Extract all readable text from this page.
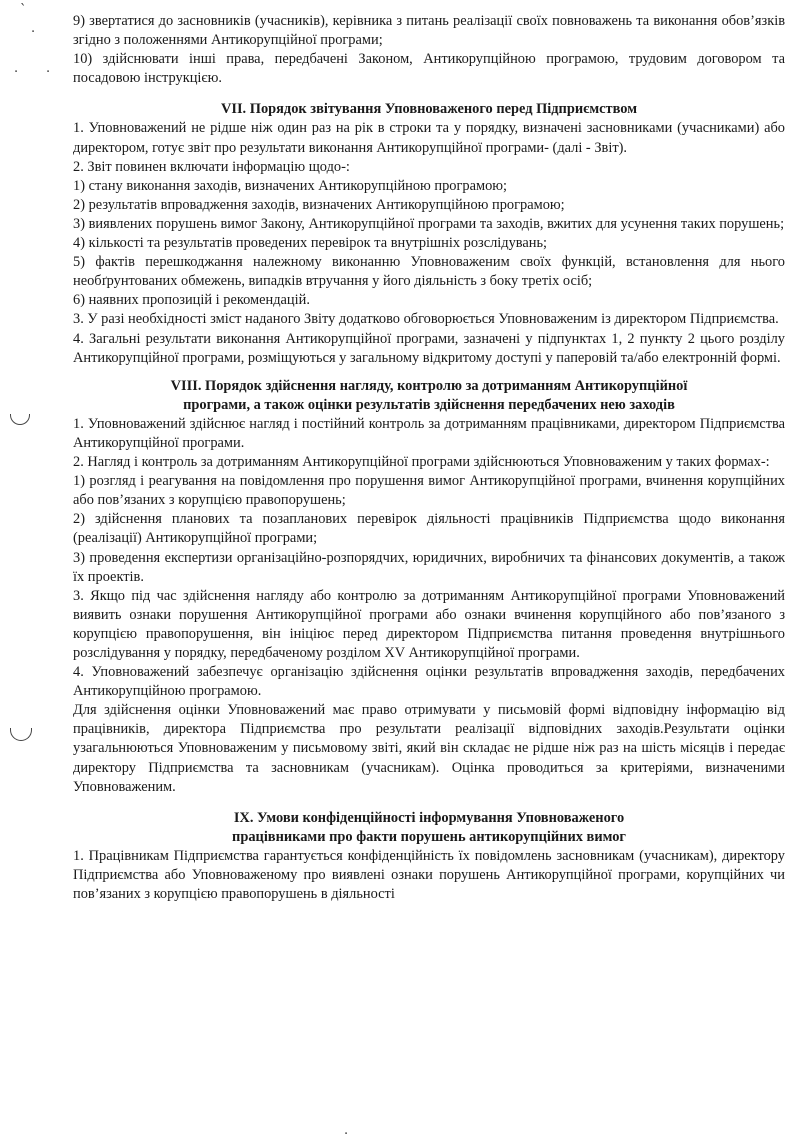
`
.
. .
·

9) звертатися до засновників (учасників), керівника з питань реалізації своїх повноважень та виконання обов’язків згідно з положеннями Антикорупційної програми;

10) здійснювати інші права, передбачені Законом, Антикорупційною програмою, трудовим договором та посадовою інструкцією.

VII. Порядок звітування Уповноваженого перед Підприємством

1. Уповноважений не рідше ніж один раз на рік в строки та у порядку, визначені засновниками (учасниками) або директором, готує звіт про результати виконання Антикорупційної програми- (далі - Звіт).

2. Звіт повинен включати інформацію щодо-:

1) стану виконання заходів, визначених Антикорупційною програмою;

2) результатів впровадження заходів, визначених Антикорупційною програмою;

3) виявлених порушень вимог Закону, Антикорупційної програми та заходів, вжитих для усунення таких порушень;

4) кількості та результатів проведених перевірок та внутрішніх розслідувань;

5) фактів перешкоджання належному виконанню Уповноваженим своїх функцій, встановлення для нього необґрунтованих обмежень, випадків втручання у його діяльність з боку третіх осіб;

6) наявних пропозицій і рекомендацій.

3. У разі необхідності зміст наданого Звіту додатково обговорюється Уповноваженим із директором Підприємства.

4. Загальні результати виконання Антикорупційної програми, зазначені у підпунктах 1, 2 пункту 2 цього розділу Антикорупційної програми, розміщуються у загальному відкритому доступі у паперовій та/або електронній формі.

VIII. Порядок здійснення нагляду, контролю за дотриманням Антикорупційної

програми, а також оцінки результатів здійснення передбачених нею заходів

1. Уповноважений здійснює нагляд і постійний контроль за дотриманням працівниками, директором Підприємства Антикорупційної програми.

2. Нагляд і контроль за дотриманням Антикорупційної програми здійснюються Уповноваженим у таких формах-:

1) розгляд і реагування на повідомлення про порушення вимог Антикорупційної програми, вчинення корупційних або пов’язаних з корупцією правопорушень;

2) здійснення планових та позапланових перевірок діяльності працівників Підприємства щодо виконання (реалізації) Антикорупційної програми;

3) проведення експертизи організаційно-розпорядчих, юридичних, виробничих та фінансових документів, а також їх проектів.

3. Якщо під час здійснення нагляду або контролю за дотриманням Антикорупційної програми Уповноважений виявить ознаки порушення Антикорупційної програми або ознаки вчинення корупційного або пов’язаного з корупцією правопорушення, він ініціює перед директором Підприємства питання проведення внутрішнього розслідування у порядку, передбаченому розділом XV Антикорупційної програми.

4. Уповноважений забезпечує організацію здійснення оцінки результатів впровадження заходів, передбачених Антикорупційною програмою.

Для здійснення оцінки Уповноважений має право отримувати у письмовій формі відповідну інформацію від працівників, директора Підприємства про результати реалізації відповідних заходів.Результати оцінки узагальнюються Уповноваженим у письмовому звіті, який він складає не рідше ніж раз на шість місяців і передає директору Підприємства та засновникам (учасникам). Оцінка проводиться за критеріями, визначеними Уповноваженим.

IX. Умови конфіденційності інформування Уповноваженого

працівниками про факти порушень антикорупційних вимог

1. Працівникам Підприємства гарантується конфіденційність їх повідомлень засновникам (учасникам), директору Підприємства або Уповноваженому про виявлені ознаки порушень Антикорупційної програми, корупційних чи пов’язаних з корупцією правопорушень в діяльності
